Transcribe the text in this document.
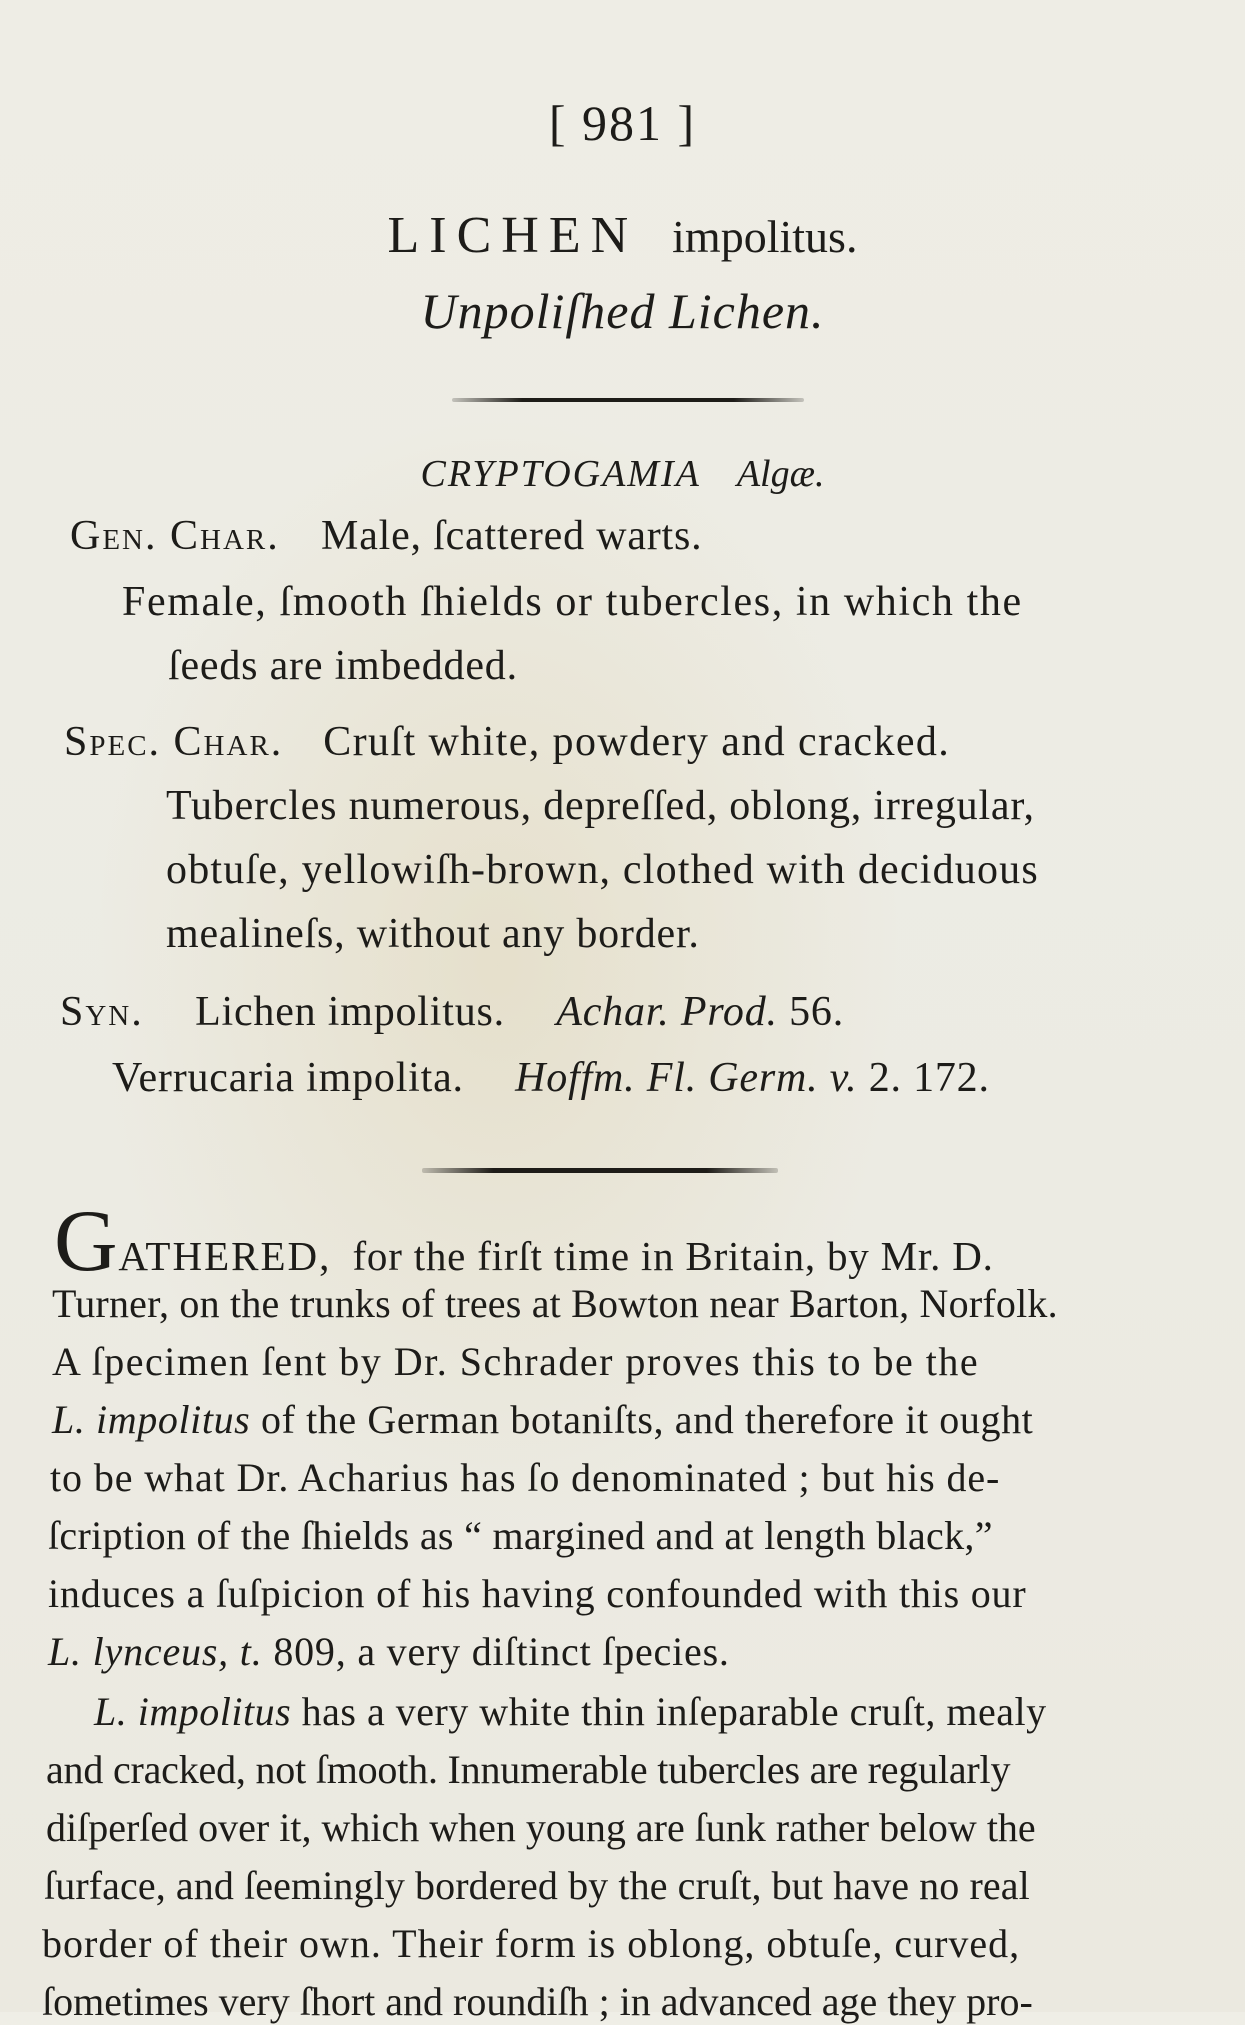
[ 981 ]
LICHEN impolitus.
Unpoliſhed Lichen.
CRYPTOGAMIA Algæ.
Gen. Char. Male, ſcattered warts.
Female, ſmooth ſhields or tubercles, in which the
ſeeds are imbedded.
Spec. Char. Cruſt white, powdery and cracked.
Tubercles numerous, depreſſed, oblong, irregular,
obtuſe, yellowiſh-brown, clothed with deciduous
mealineſs, without any border.
Syn. Lichen impolitus. Achar. Prod. 56.
Verrucaria impolita. Hoffm. Fl. Germ. v. 2. 172.
GATHERED, for the firſt time in Britain, by Mr. D.
Turner, on the trunks of trees at Bowton near Barton, Norfolk.
A ſpecimen ſent by Dr. Schrader proves this to be the
L. impolitus of the German botaniſts, and therefore it ought
to be what Dr. Acharius has ſo denominated ; but his de-
ſcription of the ſhields as “ margined and at length black,”
induces a ſuſpicion of his having confounded with this our
L. lynceus, t. 809, a very diſtinct ſpecies.
L. impolitus has a very white thin inſeparable cruſt, mealy
and cracked, not ſmooth. Innumerable tubercles are regularly
diſperſed over it, which when young are ſunk rather below the
ſurface, and ſeemingly bordered by the cruſt, but have no real
border of their own. Their form is oblong, obtuſe, curved,
ſometimes very ſhort and roundiſh ; in advanced age they pro-
